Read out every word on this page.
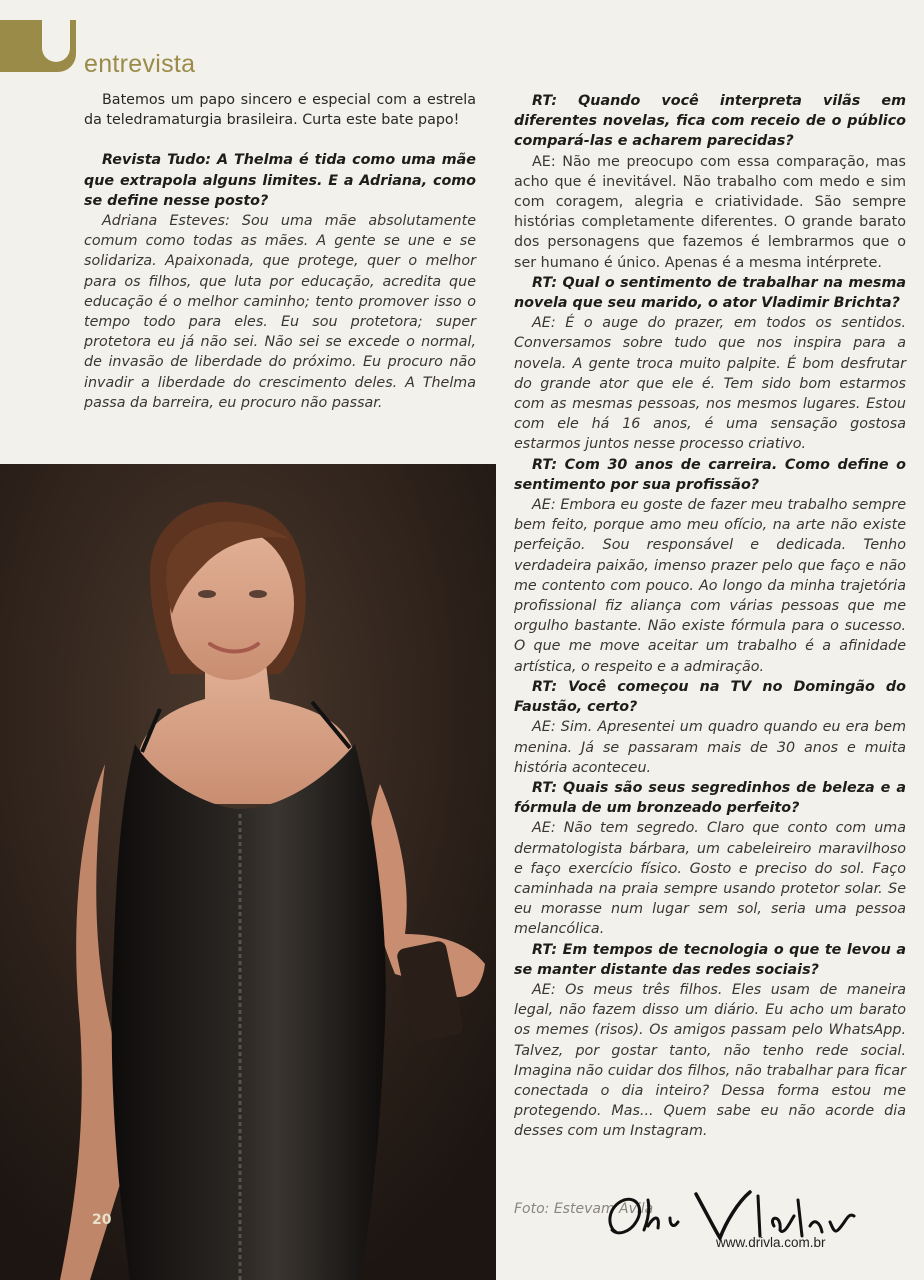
entrevista

Batemos um papo sincero e especial com a estrela da teledramaturgia brasileira. Curta este bate papo!

Revista Tudo: A Thelma é tida como uma mãe que extrapola alguns limites. E a Adriana, como se define nesse posto?

Adriana Esteves: Sou uma mãe absolutamente comum como todas as mães. A gente se une e se solidariza. Apaixonada, que protege, quer o melhor para os filhos, que luta por educação, acredita que educação é o melhor caminho; tento promover isso o tempo todo para eles. Eu sou protetora; super protetora eu já não sei. Não sei se excede o normal, de invasão de liberdade do próximo. Eu procuro não invadir a liberdade do crescimento deles. A Thelma passa da barreira, eu procuro não passar.

RT: Quando você interpreta vilãs em diferentes novelas, fica com receio de o público compará-las e acharem parecidas?

AE: Não me preocupo com essa comparação, mas acho que é inevitável. Não trabalho com medo e sim com coragem, alegria e criatividade. São sempre histórias completamente diferentes. O grande barato dos personagens que fazemos é lembrarmos que o ser humano é único. Apenas é a mesma intérprete.

RT: Qual o sentimento de trabalhar na mesma novela que seu marido, o ator Vladimir Brichta?

AE: É o auge do prazer, em todos os sentidos. Conversamos sobre tudo que nos inspira para a novela. A gente troca muito palpite. É bom desfrutar do grande ator que ele é. Tem sido bom estarmos com as mesmas pessoas, nos mesmos lugares. Estou com ele há 16 anos, é uma sensação gostosa estarmos juntos nesse processo criativo.

RT: Com 30 anos de carreira. Como define o sentimento por sua profissão?

AE: Embora eu goste de fazer meu trabalho sempre bem feito, porque amo meu ofício, na arte não existe perfeição. Sou responsável e dedicada. Tenho verdadeira paixão, imenso prazer pelo que faço e não me contento com pouco. Ao longo da minha trajetória profissional fiz aliança com várias pessoas que me orgulho bastante. Não existe fórmula para o sucesso. O que me move aceitar um trabalho é a afinidade artística, o respeito e a admiração.

RT: Você começou na TV no Domingão do Faustão, certo?

AE: Sim. Apresentei um quadro quando eu era bem menina. Já se passaram mais de 30 anos e muita história aconteceu.

RT: Quais são seus segredinhos de beleza e a fórmula de um bronzeado perfeito?

AE: Não tem segredo. Claro que conto com uma dermatologista bárbara, um cabeleireiro maravilhoso e faço exercício físico. Gosto e preciso do sol. Faço caminhada na praia sempre usando protetor solar. Se eu morasse num lugar sem sol, seria uma pessoa melancólica.

RT: Em tempos de tecnologia o que te levou a se manter distante das redes sociais?

AE: Os meus três filhos. Eles usam de maneira legal, não fazem disso um diário. Eu acho um barato os memes (risos). Os amigos passam pelo WhatsApp. Talvez, por gostar tanto, não tenho rede social. Imagina não cuidar dos filhos, não trabalhar para ficar conectada o dia inteiro? Dessa forma estou me protegendo. Mas... Quem sabe eu não acorde dia desses com um Instagram.

20
Foto: Estevam Avila
www.drivla.com.br
